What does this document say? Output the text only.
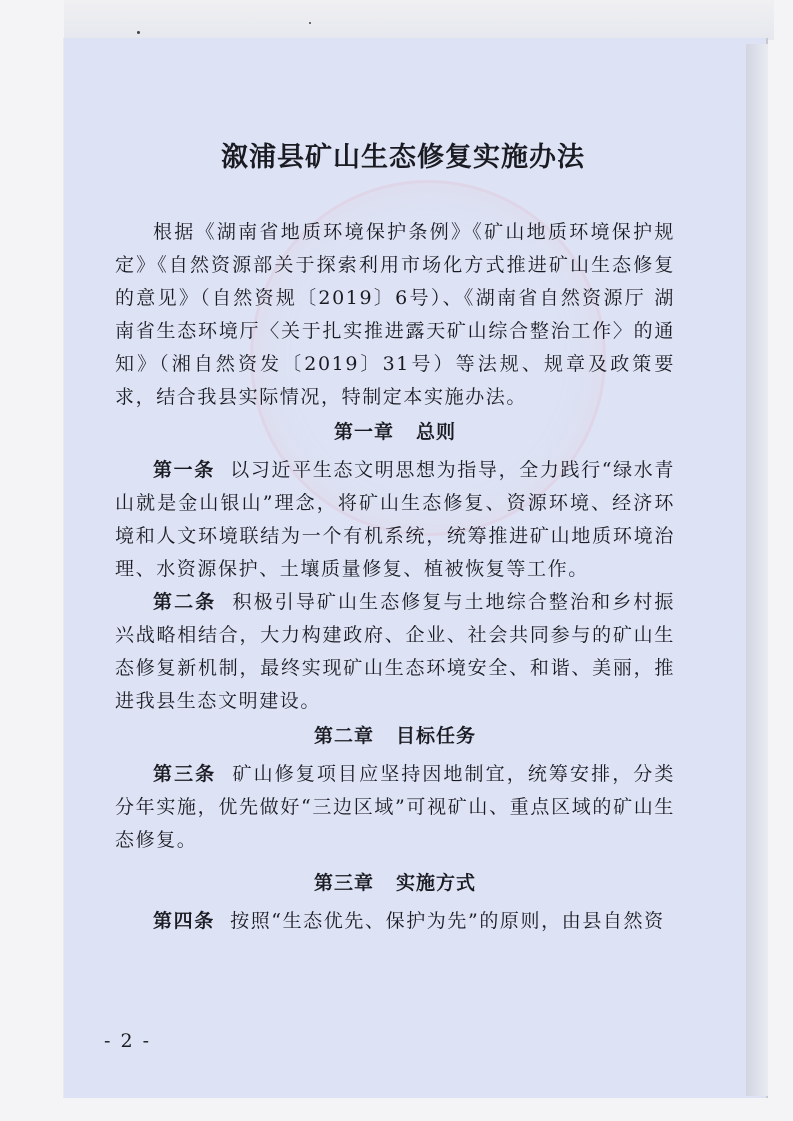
溆浦县矿山生态修复实施办法

根据《湖南省地质环境保护条例》《矿山地质环境保护规定》《自然资源部关于探索利用市场化方式推进矿山生态修复的意见》（自然资规〔2019〕6号）、《湖南省自然资源厅 湖南省生态环境厅〈关于扎实推进露天矿山综合整治工作〉的通知》（湘自然资发〔2019〕31号）等法规、规章及政策要求，结合我县实际情况，特制定本实施办法。

第一章 总则

第一条 以习近平生态文明思想为指导，全力践行“绿水青山就是金山银山”理念，将矿山生态修复、资源环境、经济环境和人文环境联结为一个有机系统，统筹推进矿山地质环境治理、水资源保护、土壤质量修复、植被恢复等工作。

第二条 积极引导矿山生态修复与土地综合整治和乡村振兴战略相结合，大力构建政府、企业、社会共同参与的矿山生态修复新机制，最终实现矿山生态环境安全、和谐、美丽，推进我县生态文明建设。

第二章 目标任务

第三条 矿山修复项目应坚持因地制宜，统筹安排，分类分年实施，优先做好“三边区域”可视矿山、重点区域的矿山生态修复。

第三章 实施方式

第四条 按照“生态优先、保护为先”的原则，由县自然资

- 2 -
